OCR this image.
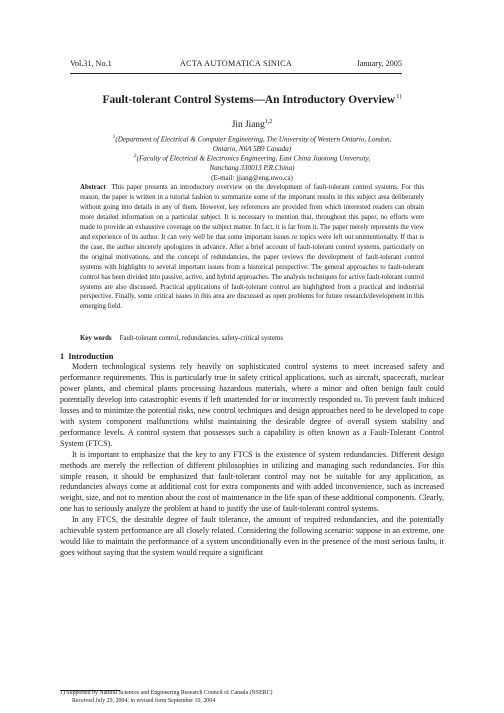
Vol.31, No.1	ACTA AUTOMATICA SINICA	January, 2005
Fault-tolerant Control Systems—An Introductory Overview$^{1)}$
Jin Jiang$^{1,2}$
$^1$(Department of Electrical & Computer Engineering, The University of Western Ontario, London,
Ontario, N6A 5B9 Canada)
$^2$(Faculty of Electrical & Electronics Engineering, East China Jiaotong University,
Nanchang 330013 P.R.China)
(E-mail: jjiang@eng.uwo.ca)
Abstract This paper presents an introductory overview on the development of fault-tolerant control systems. For this reason, the paper is written in a tutorial fashion to summarize some of the important results in this subject area deliberately without going into details in any of them. However, key references are provided from which interested readers can obtain more detailed information on a particular subject. It is necessary to mention that, throughout this paper, no efforts were made to provide an exhaustive coverage on the subject matter. In fact, it is far from it. The paper merely represents the view and experience of its author. It can very well be that some important issues or topics were left out unintentionally. If that is the case, the author sincerely apologizes in advance. After a brief account of fault-tolerant control systems, particularly on the original motivations, and the concept of redundancies, the paper reviews the development of fault-tolerant control systems with highlights to several important issues from a historical perspective. The general approaches to fault-tolerant control has been divided into passive, active, and hybrid approaches. The analysis techniques for active fault-tolerant control systems are also discussed. Practical applications of fault-tolerant control are highlighted from a practical and industrial perspective. Finally, some critical issues in this area are discussed as open problems for future research/development in this emerging field.
Key words Fault-tolerant control, redundancies, safety-critical systems
1 Introduction

Modern technological systems rely heavily on sophisticated control systems to meet increased safety and performance requirements. This is particularly true in safety critical applications, such as aircraft, spacecraft, nuclear power plants, and chemical plants processing hazardous materials, where a minor and often benign fault could potentially develop into catastrophic events if left unattended for or incorrectly responded to. To prevent fault induced losses and to minimize the potential risks, new control techniques and design approaches need to be developed to cope with system component malfunctions whilst maintaining the desirable degree of overall system stability and performance levels. A control system that possesses such a capability is often known as a Fault-Tolerant Control System (FTCS).

It is important to emphasize that the key to any FTCS is the existence of system redundancies. Different design methods are merely the reflection of different philosophies in utilizing and managing such redundancies. For this simple reason, it should be emphasized that fault-tolerant control may not be suitable for any application, as redundancies always come at additional cost for extra components and with added inconvenience, such as increased weight, size, and not to mention about the cost of maintenance in the life span of these additional components. Clearly, one has to seriously analyze the problem at hand to justify the use of fault-tolerant control systems.

In any FTCS, the desirable degree of fault tolerance, the amount of required redundancies, and the potentially achievable system performance are all closely related. Considering the following scenario: suppose in an extreme, one would like to maintain the performance of a system unconditionally even in the presence of the most serious faults, it goes without saying that the system would require a significant

1) Supported by Natural Sciences and Engineering Research Council of Canada (NSERC)
Received July 29, 2004; in revised form September 10, 2004
